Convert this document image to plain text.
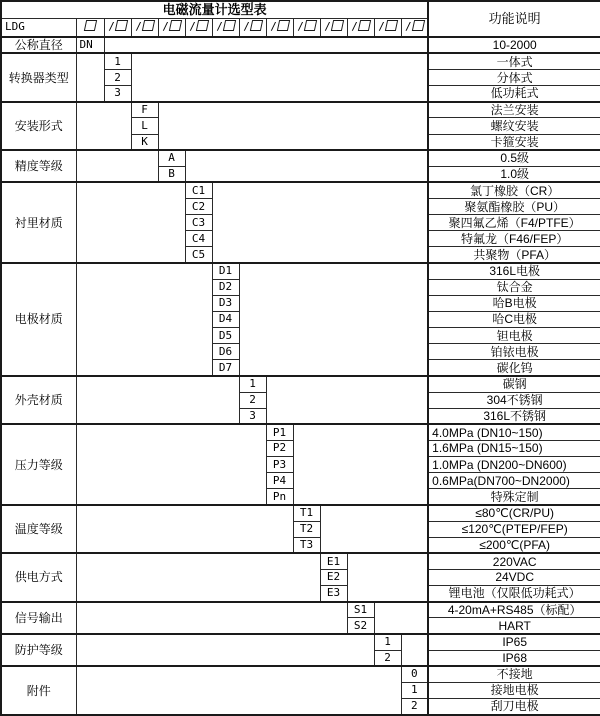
电磁流量计选型表														功能说明
LDG		/	/	/	/	/	/	/	/	/	/	/	/	
公称直径	DN													10-2000
转换器类型		1												一体式
		2												分体式
		3												低功耗式
安装形式			F											法兰安装
			L											螺纹安装
			K											卡箍安装
精度等级				A										0.5级
				B										1.0级
衬里材质					C1									氯丁橡胶（CR）
					C2									聚氨酯橡胶（PU）
					C3									聚四氟乙烯（F4/PTFE）
					C4									特氟龙（F46/FEP）
					C5									共聚物（PFA）
电极材质						D1								316L电极
						D2								钛合金
						D3								哈B电极
						D4								哈C电极
						D5								钽电极
						D6								铂铱电极
						D7								碳化钨
外壳材质							1							碳钢
							2							304不锈钢
							3							316L不锈钢
压力等级								P1						4.0MPa (DN10~150)
								P2						1.6MPa (DN15~150)
								P3						1.0MPa (DN200~DN600)
								P4						0.6MPa(DN700~DN2000)
								Pn						特殊定制
温度等级									T1					≤80℃(CR/PU)
									T2					≤120℃(PTEP/FEP)
									T3					≤200℃(PFA)
供电方式										E1				220VAC
										E2				24VDC
										E3				锂电池（仅限低功耗式）
信号输出											S1			4-20mA+RS485（标配）
											S2			HART
防护等级												1		IP65
												2		IP68
附件													0	不接地
													1	接地电极
													2	刮刀电极
